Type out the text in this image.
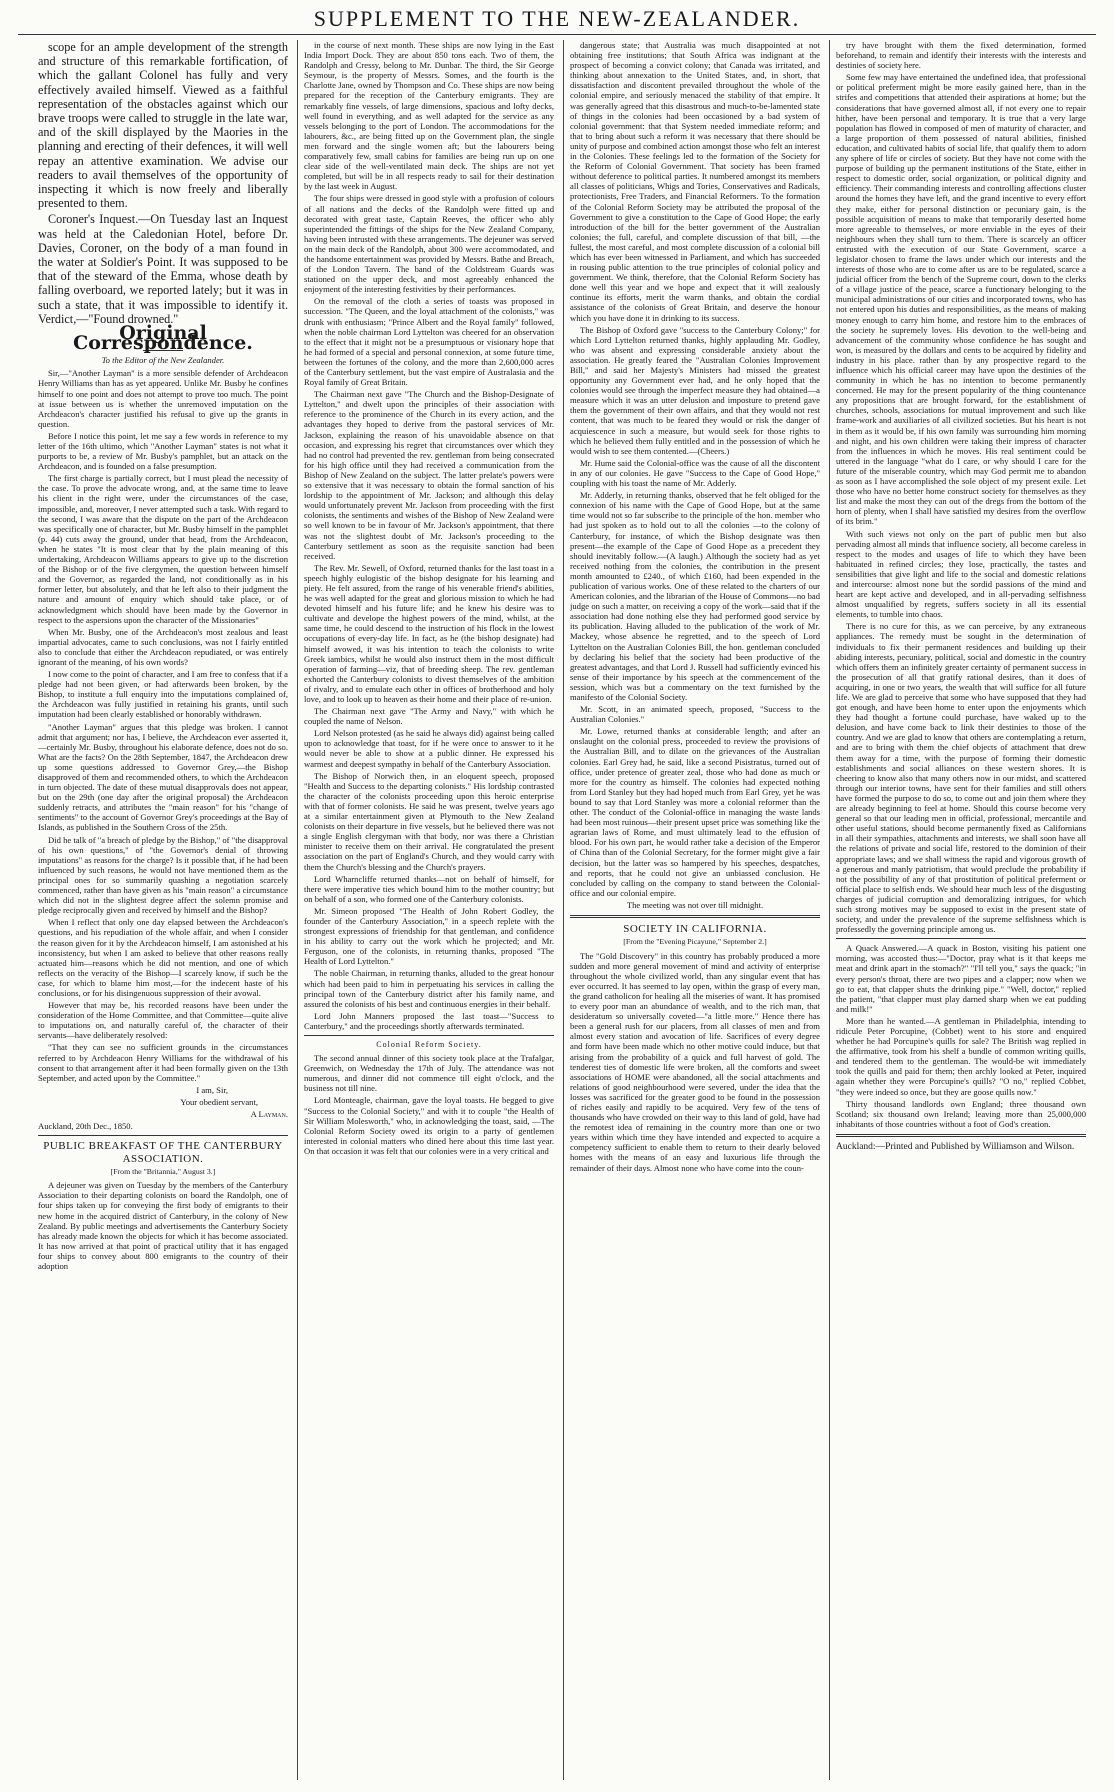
SUPPLEMENT TO THE NEW-ZEALANDER.

scope for an ample development of the strength and structure of this remarkable fortification, of which the gallant Colonel has fully and very effectively availed himself. Viewed as a faithful representation of the obstacles against which our brave troops were called to struggle in the late war, and of the skill displayed by the Maories in the planning and erecting of their defences, it will well repay an attentive examination. We advise our readers to avail themselves of the opportunity of inspecting it which is now freely and liberally presented to them.

Coroner's Inquest.—On Tuesday last an Inquest was held at the Caledonian Hotel, before Dr. Davies, Coroner, on the body of a man found in the water at Soldier's Point. It was supposed to be that of the steward of the Emma, whose death by falling overboard, we reported lately; but it was in such a state, that it was impossible to identify it. Verdict,—"Found drowned."

Original Correspondence.

To the Editor of the New Zealander.

Sir,—"Another Layman" is a more sensible defender of Archdeacon Henry Williams than has as yet appeared. Unlike Mr. Busby he confines himself to one point and does not attempt to prove too much. The point at issue between us is whether the unremoved imputation on the Archdeacon's character justified his refusal to give up the grants in question.

Before I notice this point, let me say a few words in reference to my letter of the 16th ultimo, which "Another Layman" states is not what it purports to be, a review of Mr. Busby's pamphlet, but an attack on the Archdeacon, and is founded on a false presumption.

The first charge is partially correct, but I must plead the necessity of the case. To prove the advocate wrong, and, at the same time to leave his client in the right were, under the circumstances of the case, impossible, and, moreover, I never attempted such a task. With regard to the second, I was aware that the dispute on the part of the Archdeacon was specifically one of character, but Mr. Busby himself in the pamphlet (p. 44) cuts away the ground, under that head, from the Archdeacon, when he states "It is most clear that by the plain meaning of this undertaking, Archdeacon Williams appears to give up to the discretion of the Bishop or of the five clergymen, the question between himself and the Governor, as regarded the land, not conditionally as in his former letter, but absolutely, and that he left also to their judgment the nature and amount of enquiry which should take place, or of acknowledgment which should have been made by the Governor in respect to the aspersions upon the character of the Missionaries"

When Mr. Busby, one of the Archdeacon's most zealous and least impartial advocates, came to such conclusions, was not I fairly entitled also to conclude that either the Archdeacon repudiated, or was entirely ignorant of the meaning, of his own words?

I now come to the point of character, and I am free to confess that if a pledge had not been given, or had afterwards been broken, by the Bishop, to institute a full enquiry into the imputations complained of, the Archdeacon was fully justified in retaining his grants, until such imputation had been clearly established or honorably withdrawn.

"Another Layman" argues that this pledge was broken. I cannot admit that argument; nor has, I believe, the Archdeacon ever asserted it,—certainly Mr. Busby, throughout his elaborate defence, does not do so. What are the facts? On the 28th September, 1847, the Archdeacon drew up some questions addressed to Governor Grey,—the Bishop disapproved of them and recommended others, to which the Archdeacon in turn objected. The date of these mutual disapprovals does not appear, but on the 29th (one day after the original proposal) the Archdeacon suddenly retracts, and attributes the "main reason" for his "change of sentiments" to the account of Governor Grey's proceedings at the Bay of Islands, as published in the Southern Cross of the 25th.

Did he talk of "a breach of pledge by the Bishop," of "the disapproval of his own questions," of "the Governor's denial of throwing imputations" as reasons for the charge? Is it possible that, if he had been influenced by such reasons, he would not have mentioned them as the principal ones for so summarily quashing a negotiation scarcely commenced, rather than have given as his "main reason" a circumstance which did not in the slightest degree affect the solemn promise and pledge reciprocally given and received by himself and the Bishop?

When I reflect that only one day elapsed between the Archdeacon's questions, and his repudiation of the whole affair, and when I consider the reason given for it by the Archdeacon himself, I am astonished at his inconsistency, but when I am asked to believe that other reasons really actuated him—reasons which he did not mention, and one of which reflects on the veracity of the Bishop—I scarcely know, if such be the case, for which to blame him most,—for the indecent haste of his conclusions, or for his disingenuous suppression of their avowal.

However that may be, his recorded reasons have been under the consideration of the Home Committee, and that Committee—quite alive to imputations on, and naturally careful of, the character of their servants—have deliberately resolved:

"That they can see no sufficient grounds in the circumstances referred to by Archdeacon Henry Williams for the withdrawal of his consent to that arrangement after it had been formally given on the 13th September, and acted upon by the Committee."

I am, Sir,

Your obedient servant,

A Layman.

Auckland, 20th Dec., 1850.

PUBLIC BREAKFAST OF THE CANTERBURY ASSOCIATION.

[From the "Britannia," August 3.]

A dejeuner was given on Tuesday by the members of the Canterbury Association to their departing colonists on board the Randolph, one of four ships taken up for conveying the first body of emigrants to their new home in the acquired district of Canterbury, in the colony of New Zealand. By public meetings and advertisements the Canterbury Society has already made known the objects for which it has become associated. It has now arrived at that point of practical utility that it has engaged four ships to convey about 800 emigrants to the country of their adoption

in the course of next month. These ships are now lying in the East India Import Dock. They are about 850 tons each. Two of them, the Randolph and Cressy, belong to Mr. Dunbar. The third, the Sir George Seymour, is the property of Messrs. Somes, and the fourth is the Charlotte Jane, owned by Thompson and Co. These ships are now being prepared for the reception of the Canterbury emigrants. They are remarkably fine vessels, of large dimensions, spacious and lofty decks, well found in everything, and as well adapted for the service as any vessels belonging to the port of London. The accommodations for the labourers, &c., are being fitted up on the Government plan, the single men forward and the single women aft; but the labourers being comparatively few, small cabins for families are being run up on one clear side of the well-ventilated main deck. The ships are not yet completed, but will be in all respects ready to sail for their destination by the last week in August.

The four ships were dressed in good style with a profusion of colours of all nations and the decks of the Randolph were fitted up and decorated with great taste, Captain Reeves, the officer who ably superintended the fittings of the ships for the New Zealand Company, having been intrusted with these arrangements. The dejeuner was served on the main deck of the Randolph, about 300 were accommodated, and the handsome entertainment was provided by Messrs. Bathe and Breach, of the London Tavern. The band of the Coldstream Guards was stationed on the upper deck, and most agreeably enhanced the enjoyment of the interesting festivities by their performances.

On the removal of the cloth a series of toasts was proposed in succession. "The Queen, and the loyal attachment of the colonists," was drunk with enthusiasm; "Prince Albert and the Royal family" followed, when the noble chairman Lord Lyttelton was cheered for an observation to the effect that it might not be a presumptuous or visionary hope that he had formed of a special and personal connexion, at some future time, between the fortunes of the colony, and the more than 2,600,000 acres of the Canterbury settlement, but the vast empire of Australasia and the Royal family of Great Britain.

The Chairman next gave "The Church and the Bishop-Designate of Lyttelton," and dwelt upon the principles of their association with reference to the prominence of the Church in its every action, and the advantages they hoped to derive from the pastoral services of Mr. Jackson, explaining the reason of his unavoidable absence on that occasion, and expressing his regret that circumstances over which they had no control had prevented the rev. gentleman from being consecrated for his high office until they had received a communication from the Bishop of New Zealand on the subject. The latter prelate's powers were so extensive that it was necessary to obtain the formal sanction of his lordship to the appointment of Mr. Jackson; and although this delay would unfortunately prevent Mr. Jackson from proceeding with the first colonists, the sentiments and wishes of the Bishop of New Zealand were so well known to be in favour of Mr. Jackson's appointment, that there was not the slightest doubt of Mr. Jackson's proceeding to the Canterbury settlement as soon as the requisite sanction had been received.

The Rev. Mr. Sewell, of Oxford, returned thanks for the last toast in a speech highly eulogistic of the bishop designate for his learning and piety. He felt assured, from the range of his venerable friend's abilities, he was well adapted for the great and glorious mission to which he had devoted himself and his future life; and he knew his desire was to cultivate and develope the highest powers of the mind, whilst, at the same time, he could descend to the instruction of his flock in the lowest occupations of every-day life. In fact, as he (the bishop designate) had himself avowed, it was his intention to teach the colonists to write Greek iambics, whilst he would also instruct them in the most difficult operation of farming—viz, that of breeding sheep. The rev. gentleman exhorted the Canterbury colonists to divest themselves of the ambition of rivalry, and to emulate each other in offices of brotherhood and holy love, and to look up to heaven as their home and their place of re-union.

The Chairman next gave "The Army and Navy," with which he coupled the name of Nelson.

Lord Nelson protested (as he said he always did) against being called upon to acknowledge that toast, for if he were once to answer to it he would never be able to show at a public dinner. He expressed his warmest and deepest sympathy in behalf of the Canterbury Association.

The Bishop of Norwich then, in an eloquent speech, proposed "Health and Success to the departing colonists." His lordship contrasted the character of the colonists proceeding upon this heroic enterprise with that of former colonists. He said he was present, twelve years ago at a similar entertainment given at Plymouth to the New Zealand colonists on their departure in five vessels, but he believed there was not a single English clergyman with that body, nor was there a Christian minister to receive them on their arrival. He congratulated the present association on the part of England's Church, and they would carry with them the Church's blessing and the Church's prayers.

Lord Wharncliffe returned thanks—not on behalf of himself, for there were imperative ties which bound him to the mother country; but on behalf of a son, who formed one of the Canterbury colonists.

Mr. Simeon proposed "The Health of John Robert Godley, the founder of the Canterbury Association," in a speech replete with the strongest expressions of friendship for that gentleman, and confidence in his ability to carry out the work which he projected; and Mr. Ferguson, one of the colonists, in returning thanks, proposed "The Health of Lord Lyttelton."

The noble Chairman, in returning thanks, alluded to the great honour which had been paid to him in perpetuating his services in calling the principal town of the Canterbury district after his family name, and assured the colonists of his best and continuous energies in their behalf.

Lord John Manners proposed the last toast—"Success to Canterbury," and the proceedings shortly afterwards terminated.

Colonial Reform Society.

The second annual dinner of this society took place at the Trafalgar, Greenwich, on Wednesday the 17th of July. The attendance was not numerous, and dinner did not commence till eight o'clock, and the business not till nine.

Lord Monteagle, chairman, gave the loyal toasts. He begged to give "Success to the Colonial Society," and with it to couple "the Health of Sir William Molesworth," who, in acknowledging the toast, said, —The Colonial Reform Society owed its origin to a party of gentlemen interested in colonial matters who dined here about this time last year. On that occasion it was felt that our colonies were in a very critical and

dangerous state; that Australia was much disappointed at not obtaining free institutions; that South Africa was indignant at the prospect of becoming a convict colony; that Canada was irritated, and thinking about annexation to the United States, and, in short, that dissatisfaction and discontent prevailed throughout the whole of the colonial empire, and seriously menaced the stability of that empire. It was generally agreed that this disastrous and much-to-be-lamented state of things in the colonies had been occasioned by a bad system of colonial government: that that System needed immediate reform; and that to bring about such a reform it was necessary that there should be unity of purpose and combined action amongst those who felt an interest in the Colonies. These feelings led to the formation of the Society for the Reform of Colonial Government. That society has been framed without deference to political parties. It numbered amongst its members all classes of politicians, Whigs and Tories, Conservatives and Radicals, protectionists, Free Traders, and Financial Reformers. To the formation of the Colonial Reform Society may be attributed the proposal of the Government to give a constitution to the Cape of Good Hope; the early introduction of the bill for the better government of the Australian colonies; the full, careful, and complete discussion of that bill, —the fullest, the most careful, and most complete discussion of a colonial bill which has ever been witnessed in Parliament, and which has succeeded in rousing public attention to the true principles of colonial policy and government. We think, therefore, that the Colonial Reform Society has done well this year and we hope and expect that it will zealously continue its efforts, merit the warm thanks, and obtain the cordial assistance of the colonists of Great Britain, and deserve the honour which you have done it in drinking to its success.

The Bishop of Oxford gave "success to the Canterbury Colony;" for which Lord Lyttelton returned thanks, highly applauding Mr. Godley, who was absent and expressing considerable anxiety about the association. He greatly feared the "Australian Colonies Improvement Bill," and said her Majesty's Ministers had missed the greatest opportunity any Government ever had, and he only hoped that the colonies would see through the imperfect measure they had obtained—a measure which it was an utter delusion and imposture to pretend gave them the government of their own affairs, and that they would not rest content, that was much to be feared they would or risk the danger of acquiescence in such a measure, but would seek for those rights to which he believed them fully entitled and in the possession of which he would wish to see them contented.—(Cheers.)

Mr. Hume said the Colonial-office was the cause of all the discontent in any of our colonies. He gave "Success to the Cape of Good Hope," coupling with his toast the name of Mr. Adderly.

Mr. Adderly, in returning thanks, observed that he felt obliged for the connexion of his name with the Cape of Good Hope, but at the same time would not so far subscribe to the principle of the hon. member who had just spoken as to hold out to all the colonies —to the colony of Canterbury, for instance, of which the Bishop designate was then present—the example of the Cape of Good Hope as a precedent they should inevitably follow.—(A laugh.) Although the society had as yet received nothing from the colonies, the contribution in the present month amounted to £240., of which £160, had been expended in the publication of various works. One of these related to the charters of our American colonies, and the librarian of the House of Commons—no bad judge on such a matter, on receiving a copy of the work—said that if the association had done nothing else they had performed good service by its publication. Having alluded to the publication of the work of Mr. Mackey, whose absence he regretted, and to the speech of Lord Lyttelton on the Australian Colonies Bill, the hon. gentleman concluded by declaring his belief that the society had been productive of the greatest advantages, and that Lord J. Russell had sufficiently evinced his sense of their importance by his speech at the commencement of the session, which was but a commentary on the text furnished by the manifesto of the Colonial Society.

Mr. Scott, in an animated speech, proposed, "Success to the Australian Colonies."

Mr. Lowe, returned thanks at considerable length; and after an onslaught on the colonial press, proceeded to review the provisions of the Australian Bill, and to dilate on the grievances of the Australian colonies. Earl Grey had, he said, like a second Pisistratus, turned out of office, under pretence of greater zeal, those who had done as much or more for the country as himself. The colonies had expected nothing from Lord Stanley but they had hoped much from Earl Grey, yet he was bound to say that Lord Stanley was more a colonial reformer than the other. The conduct of the Colonial-office in managing the waste lands had been most ruinous—their present upset price was something like the agrarian laws of Rome, and must ultimately lead to the effusion of blood. For his own part, he would rather take a decision of the Emperor of China than of the Colonial Secretary, for the former might give a fair decision, but the latter was so hampered by his speeches, despatches, and reports, that he could not give an unbiassed conclusion. He concluded by calling on the company to stand between the Colonial-office and our colonial empire.

The meeting was not over till midnight.

SOCIETY IN CALIFORNIA.

[From the "Evening Picayune," September 2.]

The "Gold Discovery" in this country has probably produced a more sudden and more general movement of mind and activity of enterprise throughout the whole civilized world, than any singular event that has ever occurred. It has seemed to lay open, within the grasp of every man, the grand catholicon for healing all the miseries of want. It has promised to every poor man an abundance of wealth, and to the rich man, that desideratum so universally coveted—"a little more." Hence there has been a general rush for our placers, from all classes of men and from almost every station and avocation of life. Sacrifices of every degree and form have been made which no other motive could induce, but that arising from the probability of a quick and full harvest of gold. The tenderest ties of domestic life were broken, all the comforts and sweet associations of HOME were abandoned, all the social attachments and relations of good neighbourhood were severed, under the idea that the losses was sacrificed for the greater good to be found in the possession of riches easily and rapidly to be acquired. Very few of the tens of thousands who have crowded on their way to this land of gold, have had the remotest idea of remaining in the country more than one or two years within which time they have intended and expected to acquire a competency sufficient to enable them to return to their dearly beloved homes with the means of an easy and luxurious life through the remainder of their days. Almost none who have come into the coun-

try have brought with them the fixed determination, formed beforehand, to remain and identify their interests with the interests and destinies of society here.

Some few may have entertained the undefined idea, that professional or political preferment might be more easily gained here, than in the strifes and competitions that attended their aspirations at home; but the considerations that have governed almost all, if not every one to repair hither, have been personal and temporary. It is true that a very large population has flowed in composed of men of maturity of character, and a large proportion of them possessed of natural abilities, finished education, and cultivated habits of social life, that qualify them to adorn any sphere of life or circles of society. But they have not come with the purpose of building up the permanent institutions of the State, either in respect to domestic order, social organization, or political dignity and efficiency. Their commanding interests and controlling affections cluster around the homes they have left, and the grand incentive to every effort they make, either for personal distinction or pecuniary gain, is the possible acquisition of means to make that temporarily deserted home more agreeable to themselves, or more enviable in the eyes of their neighbours when they shall turn to them. There is scarcely an officer entrusted with the execution of our State Government, scarce a legislator chosen to frame the laws under which our interests and the interests of those who are to come after us are to be regulated, scarce a judicial officer from the bench of the Supreme court, down to the clerks of a village justice of the peace, scarce a functionary belonging to the municipal administrations of our cities and incorporated towns, who has not entered upon his duties and responsibilities, as the means of making money enough to carry him home, and restore him to the embraces of the society he supremely loves. His devotion to the well-being and advancement of the community whose confidence he has sought and won, is measured by the dollars and cents to be acquired by fidelity and industry in his place. rather than by any prospective regard to the influence which his official career may have upon the destinies of the community in which he has no intention to become permanently concerned. He may for the present popularity of the thing countenance any propositions that are brought forward, for the establishment of churches, schools, associations for mutual improvement and such like frame-work and auxiliaries of all civilized societies. But his heart is not in them as it would be, if his own family was surrounding him morning and night, and his own children were taking their impress of character from the influences in which he moves. His real sentiment could be uttered in the language "what do I care, or why should I care for the future of the miserable country, which may God permit me to abandon as soon as I have accomplished the sole object of my present exile. Let those who have no better home construct society for themselves as they list and make the most they can out of the dregs from the bottom of the horn of plenty, when I shall have satisfied my desires from the overflow of its brim."

With such views not only on the part of public men but also pervading almost all minds that influence society, all become careless in respect to the modes and usages of life to which they have been habituated in refined circles; they lose, practically, the tastes and sensibilities that give light and life to the social and domestic relations and intercourse: almost none but the sordid passions of the mind and heart are kept active and developed, and in all-pervading selfishness almost unqualified by regrets, suffers society in all its essential elements, to tumble into chaos.

There is no cure for this, as we can perceive, by any extraneous appliances. The remedy must be sought in the determination of individuals to fix their permanent residences and building up their abiding interests, pecuniary, political, social and domestic in the country which offers them an infinitely greater certainty of permanent success in the prosecution of all that gratify rational desires, than it does of acquiring, in one or two years, the wealth that will suffice for all future life. We are glad to perceive that some who have supposed that they had got enough, and have been home to enter upon the enjoyments which they had thought a fortune could purchase, have waked up to the delusion, and have come back to link their destinies to those of the country. And we are glad to know that others are contemplating a return, and are to bring with them the chief objects of attachment that drew them away for a time, with the purpose of forming their domestic establishments and social alliances on these western shores. It is cheering to know also that many others now in our midst, and scattered through our interior towns, have sent for their families and still others have formed the purpose to do so, to come out and join them where they are already beginning to feel at home. Should this course become very general so that our leading men in official, professional, mercantile and other useful stations, should become permanently fixed as Californians in all their sympathies, attachments and interests, we shall soon have all the relations of private and social life, restored to the dominion of their appropriate laws; and we shall witness the rapid and vigorous growth of a generous and manly patriotism, that would preclude the probability if not the possibility of any of that prostitution of political preferment or official place to selfish ends. We should hear much less of the disgusting charges of judicial corruption and demoralizing intrigues, for which such strong motives may be supposed to exist in the present state of society, and under the prevalence of the supreme selfishness which is professedly the governing principle among us.

A Quack Answered.—A quack in Boston, visiting his patient one morning, was accosted thus:—"Doctor, pray what is it that keeps me meat and drink apart in the stomach?" "I'll tell you," says the quack; "in every person's throat, there are two pipes and a clapper; now when we go to eat, that clapper shuts the drinking pipe." "Well, doctor," replied the patient, "that clapper must play darned sharp when we eat pudding and milk!"

More than he wanted.—A gentleman in Philadelphia, intending to ridicule Peter Porcupine, (Cobbet) went to his store and enquired whether he had Porcupine's quills for sale? The British wag replied in the affirmative, took from his shelf a bundle of common writing quills, and tendered them to the gentleman. The would-be wit immediately took the quills and paid for them; then archly looked at Peter, inquired again whether they were Porcupine's quills? "O no," replied Cobbet, "they were indeed so once, but they are goose quills now."

Thirty thousand landlords own England; three thousand own Scotland; six thousand own Ireland; leaving more than 25,000,000 inhabitants of those countries without a foot of God's creation.

Auckland:—Printed and Published by Williamson and Wilson.
